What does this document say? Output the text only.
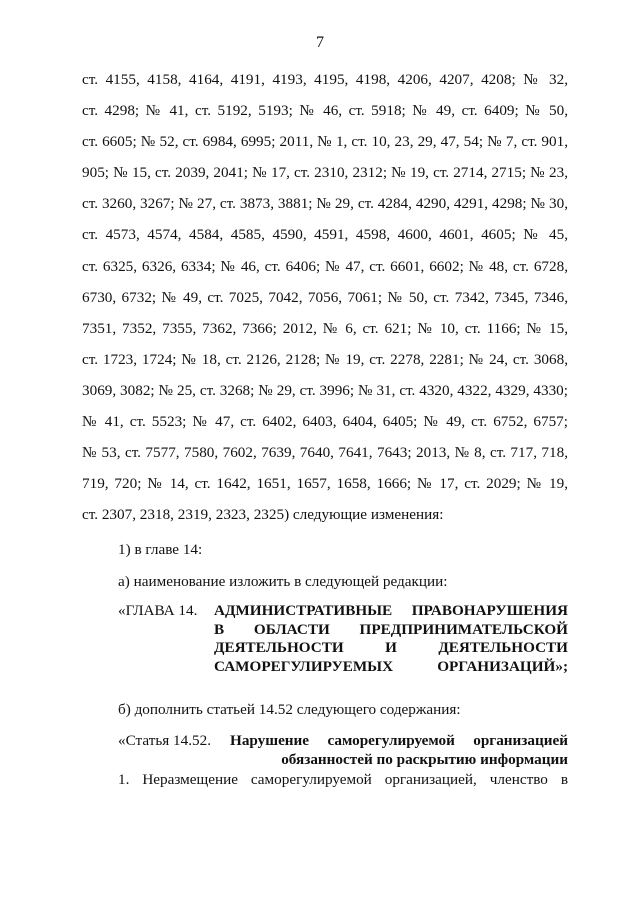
7
ст. 4155, 4158, 4164, 4191, 4193, 4195, 4198, 4206, 4207, 4208; № 32,
ст. 4298; № 41, ст. 5192, 5193; № 46, ст. 5918; № 49, ст. 6409; № 50,
ст. 6605; № 52, ст. 6984, 6995; 2011, № 1, ст. 10, 23, 29, 47, 54; № 7, ст. 901,
905; № 15, ст. 2039, 2041; № 17, ст. 2310, 2312; № 19, ст. 2714, 2715; № 23,
ст. 3260, 3267; № 27, ст. 3873, 3881; № 29, ст. 4284, 4290, 4291, 4298; № 30,
ст. 4573, 4574, 4584, 4585, 4590, 4591, 4598, 4600, 4601, 4605; № 45,
ст. 6325, 6326, 6334; № 46, ст. 6406; № 47, ст. 6601, 6602; № 48, ст. 6728,
6730, 6732; № 49, ст. 7025, 7042, 7056, 7061; № 50, ст. 7342, 7345, 7346,
7351, 7352, 7355, 7362, 7366; 2012, № 6, ст. 621; № 10, ст. 1166; № 15,
ст. 1723, 1724; № 18, ст. 2126, 2128; № 19, ст. 2278, 2281; № 24, ст. 3068,
3069, 3082; № 25, ст. 3268; № 29, ст. 3996; № 31, ст. 4320, 4322, 4329, 4330;
№ 41, ст. 5523; № 47, ст. 6402, 6403, 6404, 6405; № 49, ст. 6752, 6757;
№ 53, ст. 7577, 7580, 7602, 7639, 7640, 7641, 7643; 2013, № 8, ст. 717, 718,
719, 720; № 14, ст. 1642, 1651, 1657, 1658, 1666; № 17, ст. 2029; № 19,
ст. 2307, 2318, 2319, 2323, 2325) следующие изменения:
1) в главе 14:
а) наименование изложить в следующей редакции:
«ГЛАВА 14. АДМИНИСТРАТИВНЫЕ ПРАВОНАРУШЕНИЯ
В ОБЛАСТИ ПРЕДПРИНИМАТЕЛЬСКОЙ
ДЕЯТЕЛЬНОСТИ И ДЕЯТЕЛЬНОСТИ
САМОРЕГУЛИРУЕМЫХ ОРГАНИЗАЦИЙ»;
б) дополнить статьей 14.52 следующего содержания:
«Статья 14.52. Нарушение саморегулируемой организацией
обязанностей по раскрытию информации
1. Неразмещение саморегулируемой организацией, членство в
